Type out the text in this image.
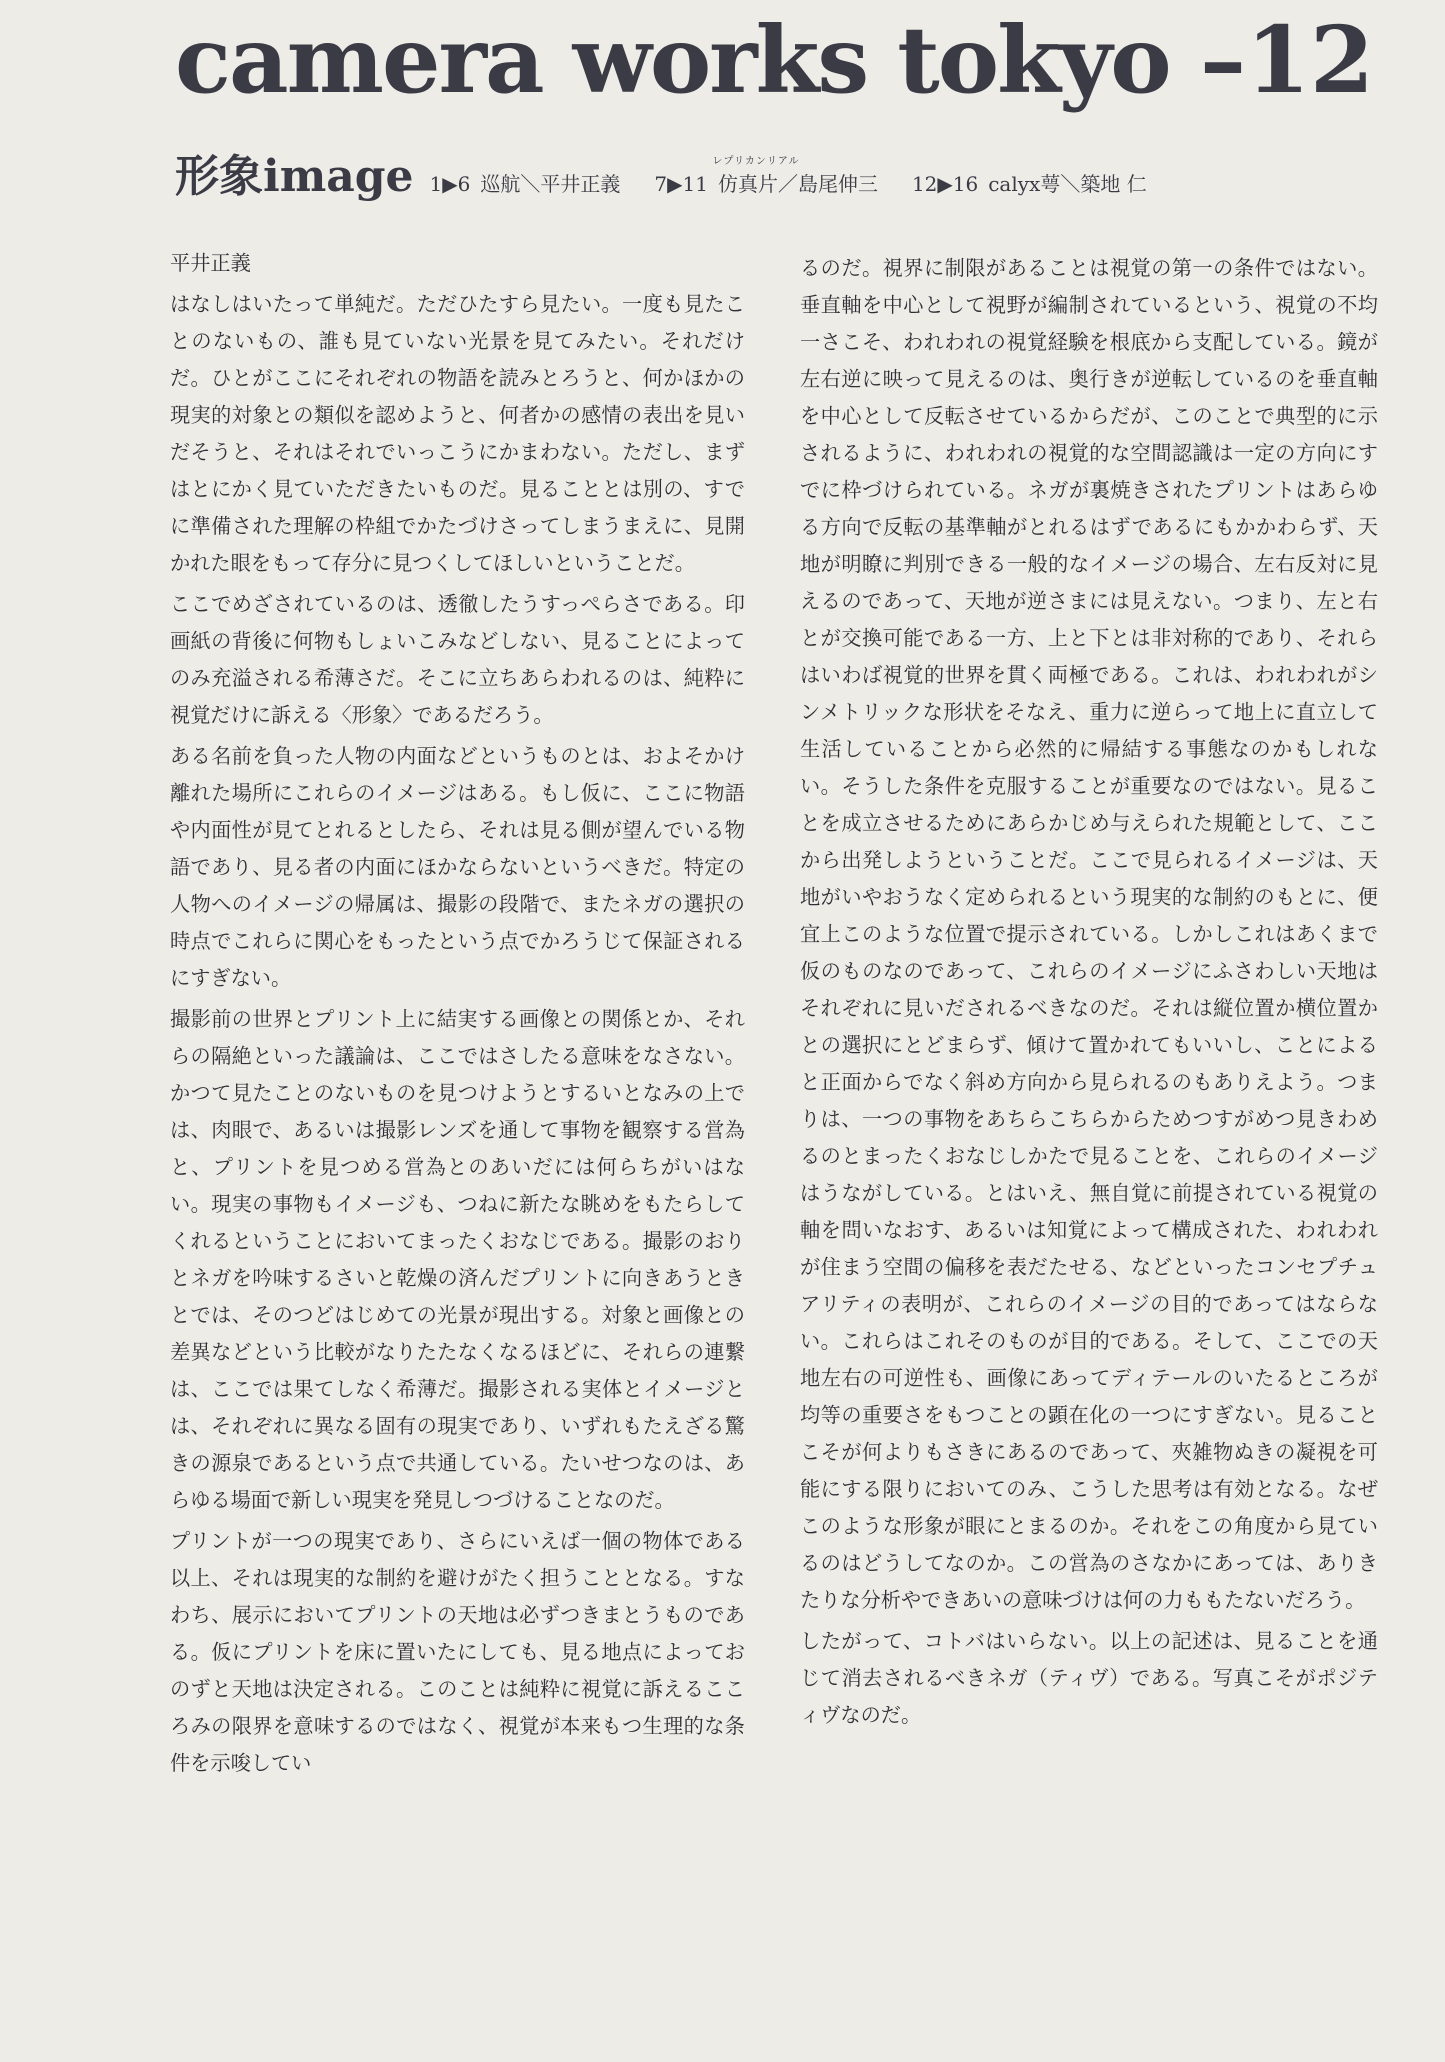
camera works tokyo –12
形象image 1▶6 巡航＼平井正義 7▶11 仿真片／島尾伸三
レプリカンリアル
12▶16 calyx萼＼築地 仁

平井正義

はなしはいたって単純だ。ただひたすら見たい。一度も見たことのないもの、誰も見ていない光景を見てみたい。それだけだ。ひとがここにそれぞれの物語を読みとろうと、何かほかの現実的対象との類似を認めようと、何者かの感情の表出を見いだそうと、それはそれでいっこうにかまわない。ただし、まずはとにかく見ていただきたいものだ。見ることとは別の、すでに準備された理解の枠組でかたづけさってしまうまえに、見開かれた眼をもって存分に見つくしてほしいということだ。

ここでめざされているのは、透徹したうすっぺらさである。印画紙の背後に何物もしょいこみなどしない、見ることによってのみ充溢される希薄さだ。そこに立ちあらわれるのは、純粋に視覚だけに訴える〈形象〉であるだろう。

ある名前を負った人物の内面などというものとは、およそかけ離れた場所にこれらのイメージはある。もし仮に、ここに物語や内面性が見てとれるとしたら、それは見る側が望んでいる物語であり、見る者の内面にほかならないというべきだ。特定の人物へのイメージの帰属は、撮影の段階で、またネガの選択の時点でこれらに関心をもったという点でかろうじて保証されるにすぎない。

撮影前の世界とプリント上に結実する画像との関係とか、それらの隔絶といった議論は、ここではさしたる意味をなさない。かつて見たことのないものを見つけようとするいとなみの上では、肉眼で、あるいは撮影レンズを通して事物を観察する営為と、プリントを見つめる営為とのあいだには何らちがいはない。現実の事物もイメージも、つねに新たな眺めをもたらしてくれるということにおいてまったくおなじである。撮影のおりとネガを吟味するさいと乾燥の済んだプリントに向きあうときとでは、そのつどはじめての光景が現出する。対象と画像との差異などという比較がなりたたなくなるほどに、それらの連繋は、ここでは果てしなく希薄だ。撮影される実体とイメージとは、それぞれに異なる固有の現実であり、いずれもたえざる驚きの源泉であるという点で共通している。たいせつなのは、あらゆる場面で新しい現実を発見しつづけることなのだ。

プリントが一つの現実であり、さらにいえば一個の物体である以上、それは現実的な制約を避けがたく担うこととなる。すなわち、展示においてプリントの天地は必ずつきまとうものである。仮にプリントを床に置いたにしても、見る地点によっておのずと天地は決定される。このことは純粋に視覚に訴えるこころみの限界を意味するのではなく、視覚が本来もつ生理的な条件を示唆してい

るのだ。視界に制限があることは視覚の第一の条件ではない。垂直軸を中心として視野が編制されているという、視覚の不均一さこそ、われわれの視覚経験を根底から支配している。鏡が左右逆に映って見えるのは、奥行きが逆転しているのを垂直軸を中心として反転させているからだが、このことで典型的に示されるように、われわれの視覚的な空間認識は一定の方向にすでに枠づけられている。ネガが裏焼きされたプリントはあらゆる方向で反転の基準軸がとれるはずであるにもかかわらず、天地が明瞭に判別できる一般的なイメージの場合、左右反対に見えるのであって、天地が逆さまには見えない。つまり、左と右とが交換可能である一方、上と下とは非対称的であり、それらはいわば視覚的世界を貫く両極である。これは、われわれがシンメトリックな形状をそなえ、重力に逆らって地上に直立して生活していることから必然的に帰結する事態なのかもしれない。そうした条件を克服することが重要なのではない。見ることを成立させるためにあらかじめ与えられた規範として、ここから出発しようということだ。ここで見られるイメージは、天地がいやおうなく定められるという現実的な制約のもとに、便宜上このような位置で提示されている。しかしこれはあくまで仮のものなのであって、これらのイメージにふさわしい天地はそれぞれに見いだされるべきなのだ。それは縦位置か横位置かとの選択にとどまらず、傾けて置かれてもいいし、ことによると正面からでなく斜め方向から見られるのもありえよう。つまりは、一つの事物をあちらこちらからためつすがめつ見きわめるのとまったくおなじしかたで見ることを、これらのイメージはうながしている。とはいえ、無自覚に前提されている視覚の軸を問いなおす、あるいは知覚によって構成された、われわれが住まう空間の偏移を表だたせる、などといったコンセプチュアリティの表明が、これらのイメージの目的であってはならない。これらはこれそのものが目的である。そして、ここでの天地左右の可逆性も、画像にあってディテールのいたるところが均等の重要さをもつことの顕在化の一つにすぎない。見ることこそが何よりもさきにあるのであって、夾雑物ぬきの凝視を可能にする限りにおいてのみ、こうした思考は有効となる。なぜこのような形象が眼にとまるのか。それをこの角度から見ているのはどうしてなのか。この営為のさなかにあっては、ありきたりな分析やできあいの意味づけは何の力ももたないだろう。

したがって、コトバはいらない。以上の記述は、見ることを通じて消去されるべきネガ（ティヴ）である。写真こそがポジティヴなのだ。
